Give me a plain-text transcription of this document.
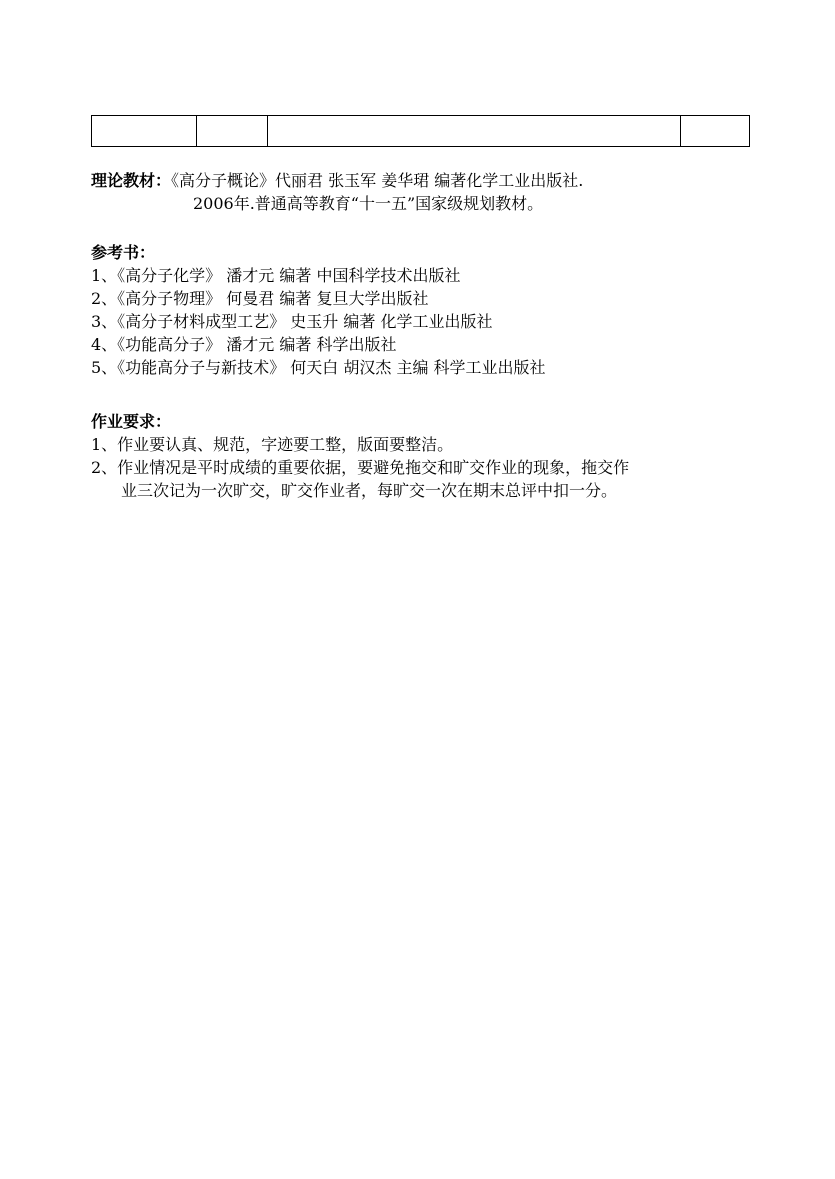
理论教材：《高分子概论》代丽君 张玉军 姜华珺 编著化学工业出版社.
2006年.普通高等教育“十一五”国家级规划教材。
参考书：
1、《高分子化学》 潘才元 编著 中国科学技术出版社
2、《高分子物理》 何曼君 编著 复旦大学出版社
3、《高分子材料成型工艺》 史玉升 编著 化学工业出版社
4、《功能高分子》 潘才元 编著 科学出版社
5、《功能高分子与新技术》 何天白 胡汉杰 主编 科学工业出版社
作业要求：
1、作业要认真、规范，字迹要工整，版面要整洁。
2、作业情况是平时成绩的重要依据，要避免拖交和旷交作业的现象，拖交作
业三次记为一次旷交，旷交作业者，每旷交一次在期末总评中扣一分。
